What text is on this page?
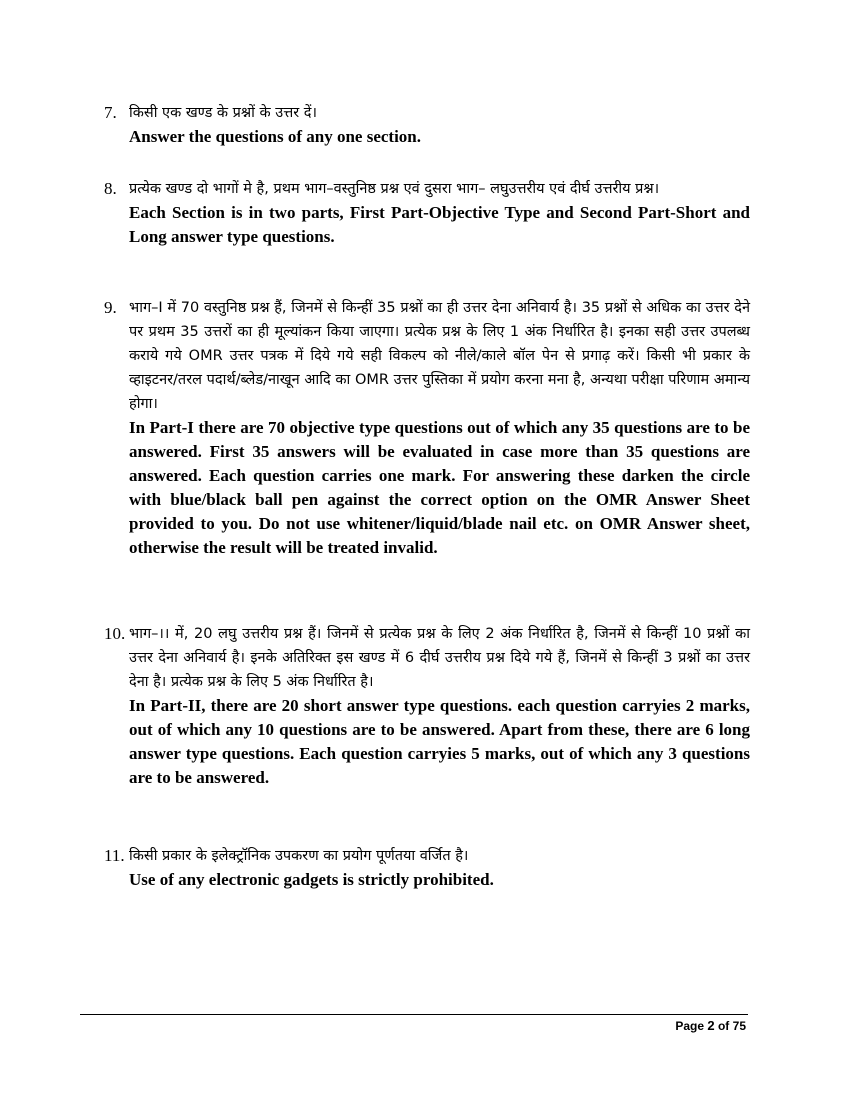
7. किसी एक खण्ड के प्रश्नों के उत्तर दें।

Answer the questions of any one section.

8. प्रत्येक खण्ड दो भागों मे है, प्रथम भाग–वस्तुनिष्ठ प्रश्न एवं दुसरा भाग– लघुउत्तरीय एवं दीर्घ उत्तरीय प्रश्न।

Each Section is in two parts, First Part-Objective Type and Second Part-Short and Long answer type questions.

9. भाग–I में 70 वस्तुनिष्ठ प्रश्न हैं, जिनमें से किन्हीं 35 प्रश्नों का ही उत्तर देना अनिवार्य है। 35 प्रश्नों से अधिक का उत्तर देने पर प्रथम 35 उत्तरों का ही मूल्यांकन किया जाएगा। प्रत्येक प्रश्न के लिए 1 अंक निर्धारित है। इनका सही उत्तर उपलब्ध कराये गये OMR उत्तर पत्रक में दिये गये सही विकल्प को नीले/काले बॉल पेन से प्रगाढ़ करें। किसी भी प्रकार के व्हाइटनर/तरल पदार्थ/ब्लेड/नाखून आदि का OMR उत्तर पुस्तिका में प्रयोग करना मना है, अन्यथा परीक्षा परिणाम अमान्य होगा।

In Part-I there are 70 objective type questions out of which any 35 questions are to be answered. First 35 answers will be evaluated in case more than 35 questions are answered. Each question carries one mark. For answering these darken the circle with blue/black ball pen against the correct option on the OMR Answer Sheet provided to you. Do not use whitener/liquid/blade nail etc. on OMR Answer sheet, otherwise the result will be treated invalid.

10. भाग–।। में, 20 लघु उत्तरीय प्रश्न हैं। जिनमें से प्रत्येक प्रश्न के लिए 2 अंक निर्धारित है, जिनमें से किन्हीं 10 प्रश्नों का उत्तर देना अनिवार्य है। इनके अतिरिक्त इस खण्ड में 6 दीर्घ उत्तरीय प्रश्न दिये गये हैं, जिनमें से किन्हीं 3 प्रश्नों का उत्तर देना है। प्रत्येक प्रश्न के लिए 5 अंक निर्धारित है।

In Part-II, there are 20 short answer type questions. each question carryies 2 marks, out of which any 10 questions are to be answered. Apart from these, there are 6 long answer type questions. Each question carryies 5 marks, out of which any 3 questions are to be answered.

11. किसी प्रकार के इलेक्ट्रॉनिक उपकरण का प्रयोग पूर्णतया वर्जित है।

Use of any electronic gadgets is strictly prohibited.

Page 2 of 75
